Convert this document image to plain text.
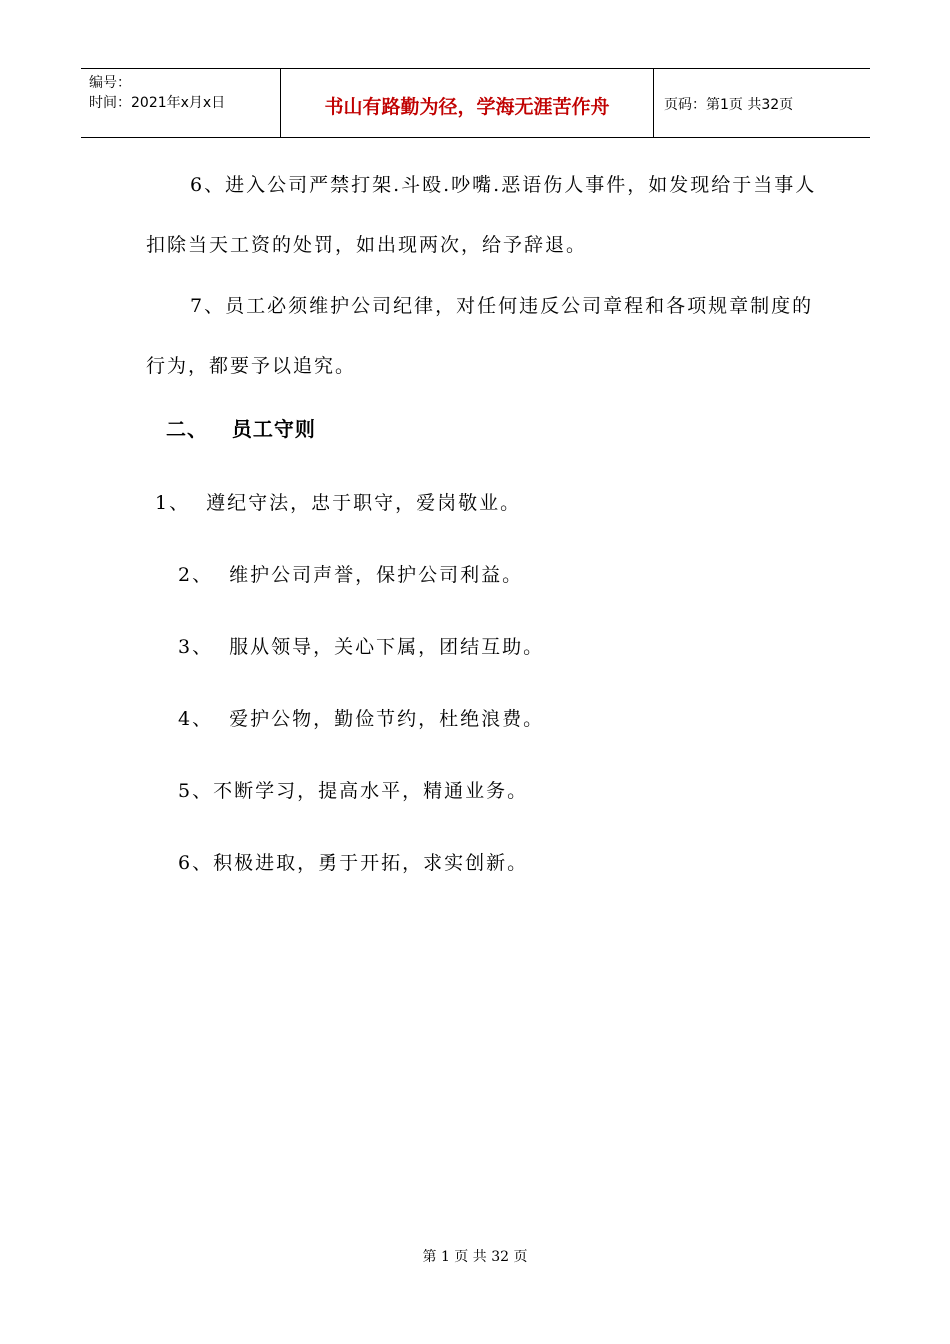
编号：
时间：2021年x月x日	书山有路勤为径，学海无涯苦作舟	页码：第1页 共32页

6、进入公司严禁打架.斗殴.吵嘴.恶语伤人事件，如发现给于当事人扣除当天工资的处罚，如出现两次，给予辞退。

7、员工必须维护公司纪律，对任何违反公司章程和各项规章制度的行为，都要予以追究。

二、   员工守则
1、  遵纪守法，忠于职守，爱岗敬业。
2、  维护公司声誉，保护公司利益。
3、  服从领导，关心下属，团结互助。
4、  爱护公物，勤俭节约，杜绝浪费。
5、不断学习，提高水平，精通业务。
6、积极进取，勇于开拓，求实创新。
第 1 页 共 32 页
